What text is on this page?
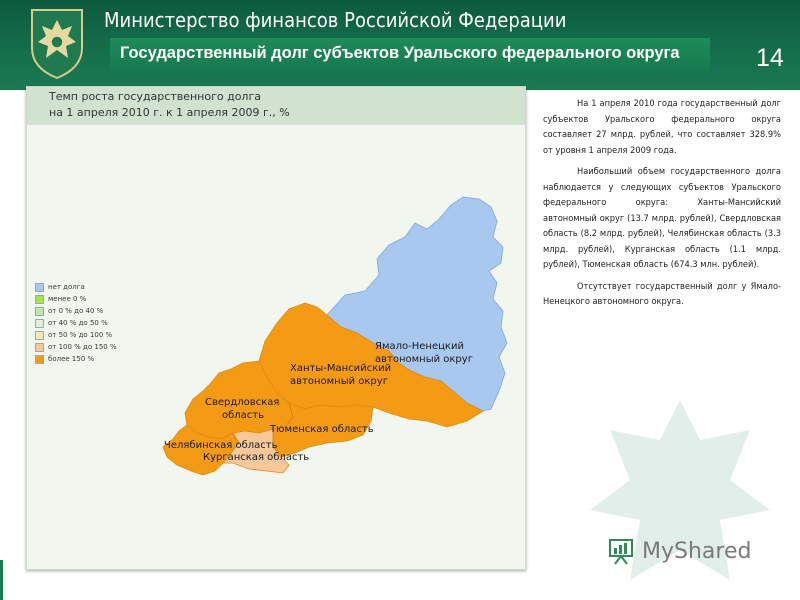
Министерство финансов Российской Федерации
Государственный долг субъектов Уральского федерального округа	14
Темп роста государственного долга
на 1 апреля 2010 г. к 1 апреля 2009 г., %
Ямало-Ненецкий
автономный округ
Ханты-Мансийский
автономный округ
Свердловская
область
Тюменская область
Челябинская область
Курганская область
нет долга
менее 0 %
от 0 % до 40 %
от 40 % до 50 %
от 50 % до 100 %
от 100 % до 150 %
более 150 %

На 1 апреля 2010 года государственный долг субъектов Уральского федерального округа составляет 27 млрд. рублей, что составляет 328.9% от уровня 1 апреля 2009 года.

Наибольший объем государственного долга наблюдается у следующих субъектов Уральского федерального округа: Ханты-Мансийский автономный округ (13.7 млрд. рублей), Свердловская область (8.2 млрд. рублей), Челябинская область (3.3 млрд. рублей), Курганская область (1.1 млрд. рублей), Тюменская область (674.3 млн. рублей).

Отсутствует государственный долг у Ямало-Ненецкого автономного округа.

MyShared
